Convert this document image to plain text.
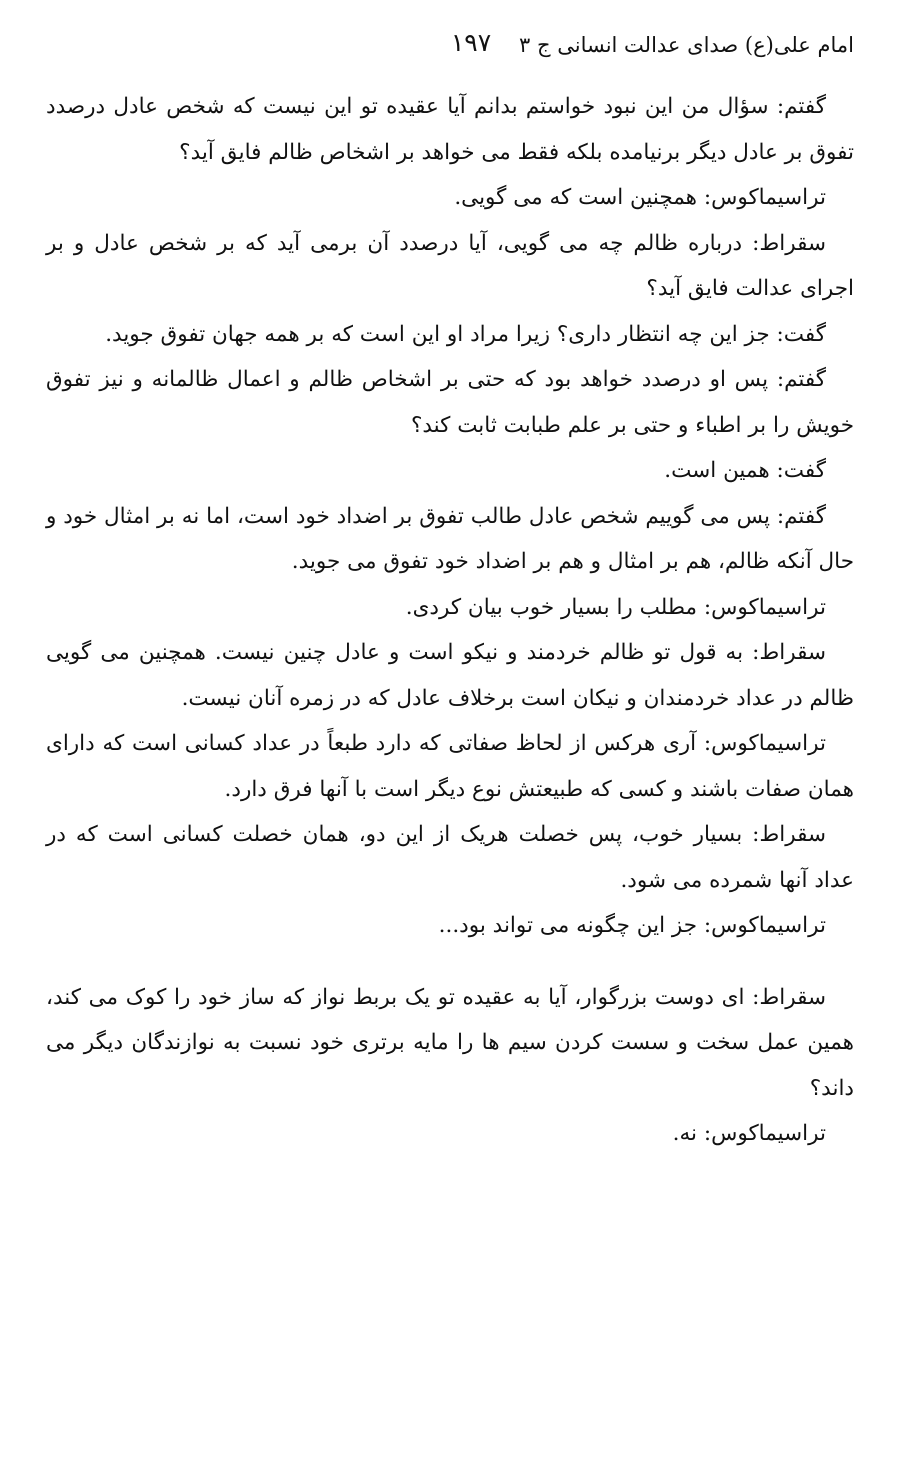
امام علی(ع) صدای عدالت انسانی ج ۳
۱۹۷

گفتم: سؤال من این نبود خواستم بدانم آیا عقیده تو این نیست که شخص عادل درصدد تفوق بر عادل دیگر برنیامده بلکه فقط می خواهد بر اشخاص ظالم فایق آید؟

تراسیماکوس: همچنین است که می گویی.

سقراط: درباره ظالم چه می گویی، آیا درصدد آن برمی آید که بر شخص عادل و بر اجرای عدالت فایق آید؟

گفت: جز این چه انتظار داری؟ زیرا مراد او این است که بر همه جهان تفوق جوید.

گفتم: پس او درصدد خواهد بود که حتی بر اشخاص ظالم و اعمال ظالمانه و نیز تفوق خویش را بر اطباء و حتی بر علم طبابت ثابت کند؟

گفت: همین است.

گفتم: پس می گوییم شخص عادل طالب تفوق بر اضداد خود است، اما نه بر امثال خود و حال آنکه ظالم، هم بر امثال و هم بر اضداد خود تفوق می جوید.

تراسیماکوس: مطلب را بسیار خوب بیان کردی.

سقراط: به قول تو ظالم خردمند و نیکو است و عادل چنین نیست. همچنین می گویی ظالم در عداد خردمندان و نیکان است برخلاف عادل که در زمره آنان نیست.

تراسیماکوس: آری هرکس از لحاظ صفاتی که دارد طبعاً در عداد کسانی است که دارای همان صفات باشند و کسی که طبیعتش نوع دیگر است با آنها فرق دارد.

سقراط: بسیار خوب، پس خصلت هریک از این دو، همان خصلت کسانی است که در عداد آنها شمرده می شود.

تراسیماکوس: جز این چگونه می تواند بود...

سقراط: ای دوست بزرگوار، آیا به عقیده تو یک بربط نواز که ساز خود را کوک می کند، همین عمل سخت و سست کردن سیم ها را مایه برتری خود نسبت به نوازندگان دیگر می داند؟

تراسیماکوس: نه.
